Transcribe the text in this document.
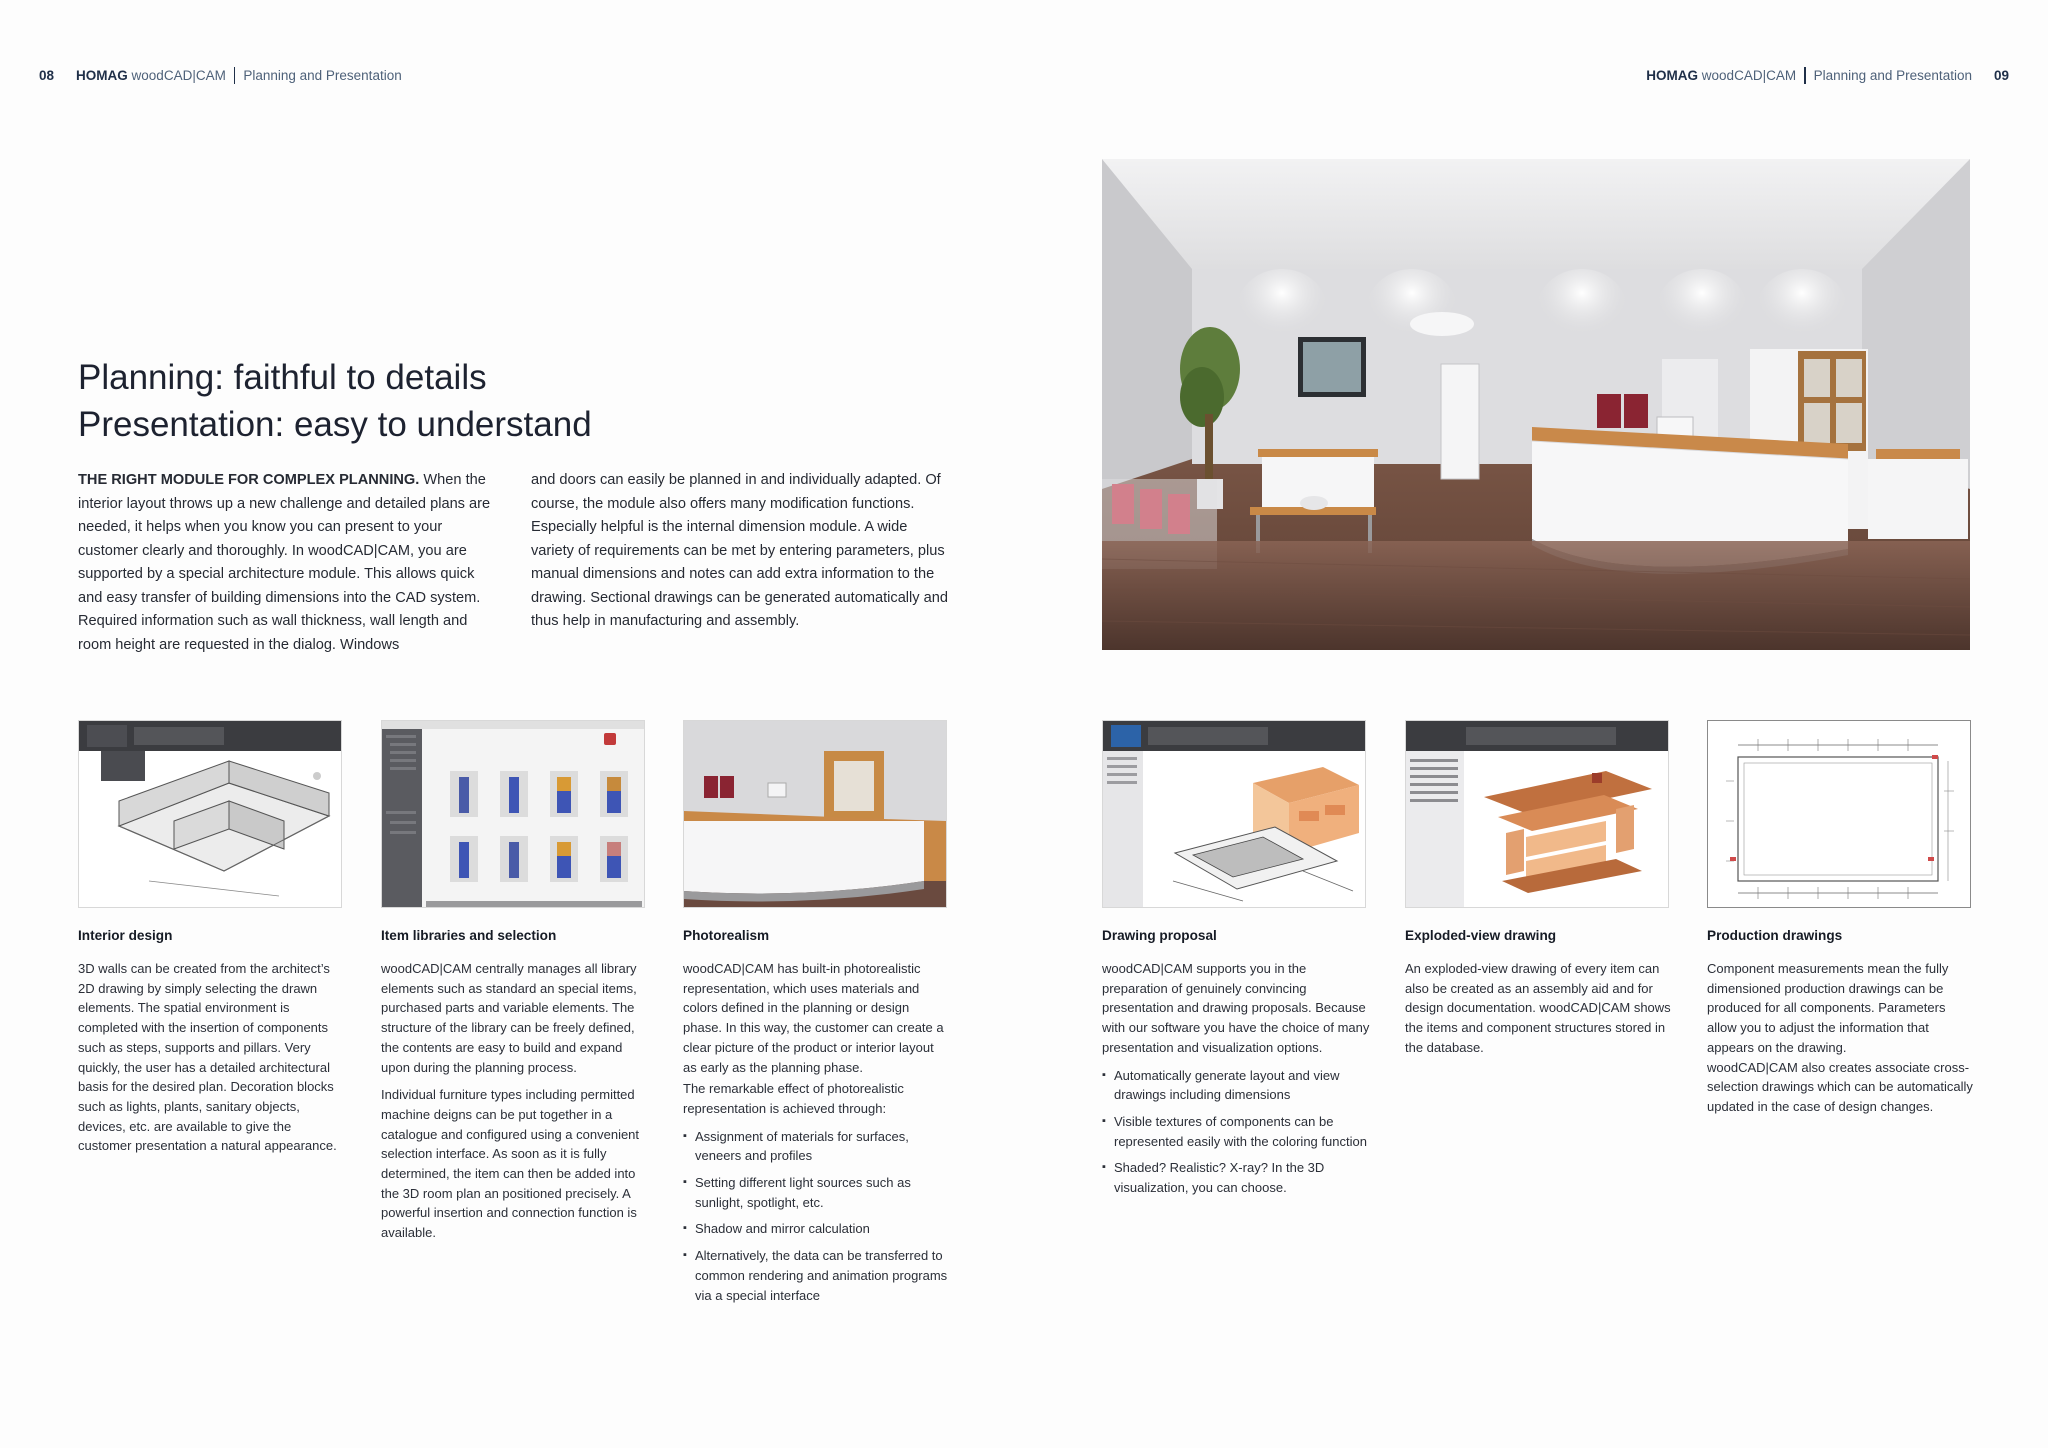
08 HOMAG
woodCAD|CAM Planning and Presentation	HOMAG
woodCAD|CAM Planning and Presentation 09
Planning: faithful to details
Presentation: easy to understand

THE RIGHT MODULE FOR COMPLEX PLANNING. When the interior layout throws up a new challenge and detailed plans are needed, it helps when you know you can present to your customer clearly and thoroughly. In woodCAD|CAM, you are supported by a special architecture module. This allows quick and easy transfer of building dimensions into the CAD system. Required information such as wall thickness, wall length and room height are requested in the dialog. Windows

and doors can easily be planned in and individually adapted. Of course, the module also offers many modification functions. Especially helpful is the internal dimension module. A wide variety of requirements can be met by entering parameters, plus manual dimensions and notes can add extra information to the drawing. Sectional drawings can be generated automatically and thus help in manufacturing and assembly.

Interior design

3D walls can be created from the architect’s 2D drawing by simply selecting the drawn elements. The spatial environment is completed with the insertion of components such as steps, supports and pillars. Very quickly, the user has a detailed architectural basis for the desired plan. Decoration blocks such as lights, plants, sanitary objects, devices, etc. are available to give the customer presentation a natural appearance.

Item libraries and selection

woodCAD|CAM centrally manages all library elements such as standard an special items, purchased parts and variable elements. The structure of the library can be freely defined, the contents are easy to build and expand upon during the planning process.

Individual furniture types including permitted machine deigns can be put together in a catalogue and configured using a convenient selection interface. As soon as it is fully determined, the item can then be added into the 3D room plan an positioned precisely. A powerful insertion and connection function is available.

Photorealism

woodCAD|CAM has built-in photorealistic representation, which uses materials and colors defined in the planning or design phase. In this way, the customer can create a clear picture of the product or interior layout as early as the planning phase.

The remarkable effect of photorealistic representation is achieved through:

▪ Assignment of materials for surfaces, veneers and profiles
▪ Setting different light sources such as sunlight, spotlight, etc.
▪ Shadow and mirror calculation
▪ Alternatively, the data can be transferred to common rendering and animation programs via a special interface
Drawing proposal

woodCAD|CAM supports you in the preparation of genuinely convincing presentation and drawing proposals. Because with our software you have the choice of many presentation and visualization options.

▪ Automatically generate layout and view drawings including dimensions
▪ Visible textures of components can be represented easily with the coloring function
▪ Shaded? Realistic? X-ray? In the 3D visualization, you can choose.
Exploded-view drawing

An exploded-view drawing of every item can also be created as an assembly aid and for design documentation. woodCAD|CAM shows the items and component structures stored in the database.

Production drawings

Component measurements mean the fully dimensioned production drawings can be produced for all components. Parameters allow you to adjust the information that appears on the drawing.

woodCAD|CAM also creates associate cross-selection drawings which can be automatically updated in the case of design changes.
